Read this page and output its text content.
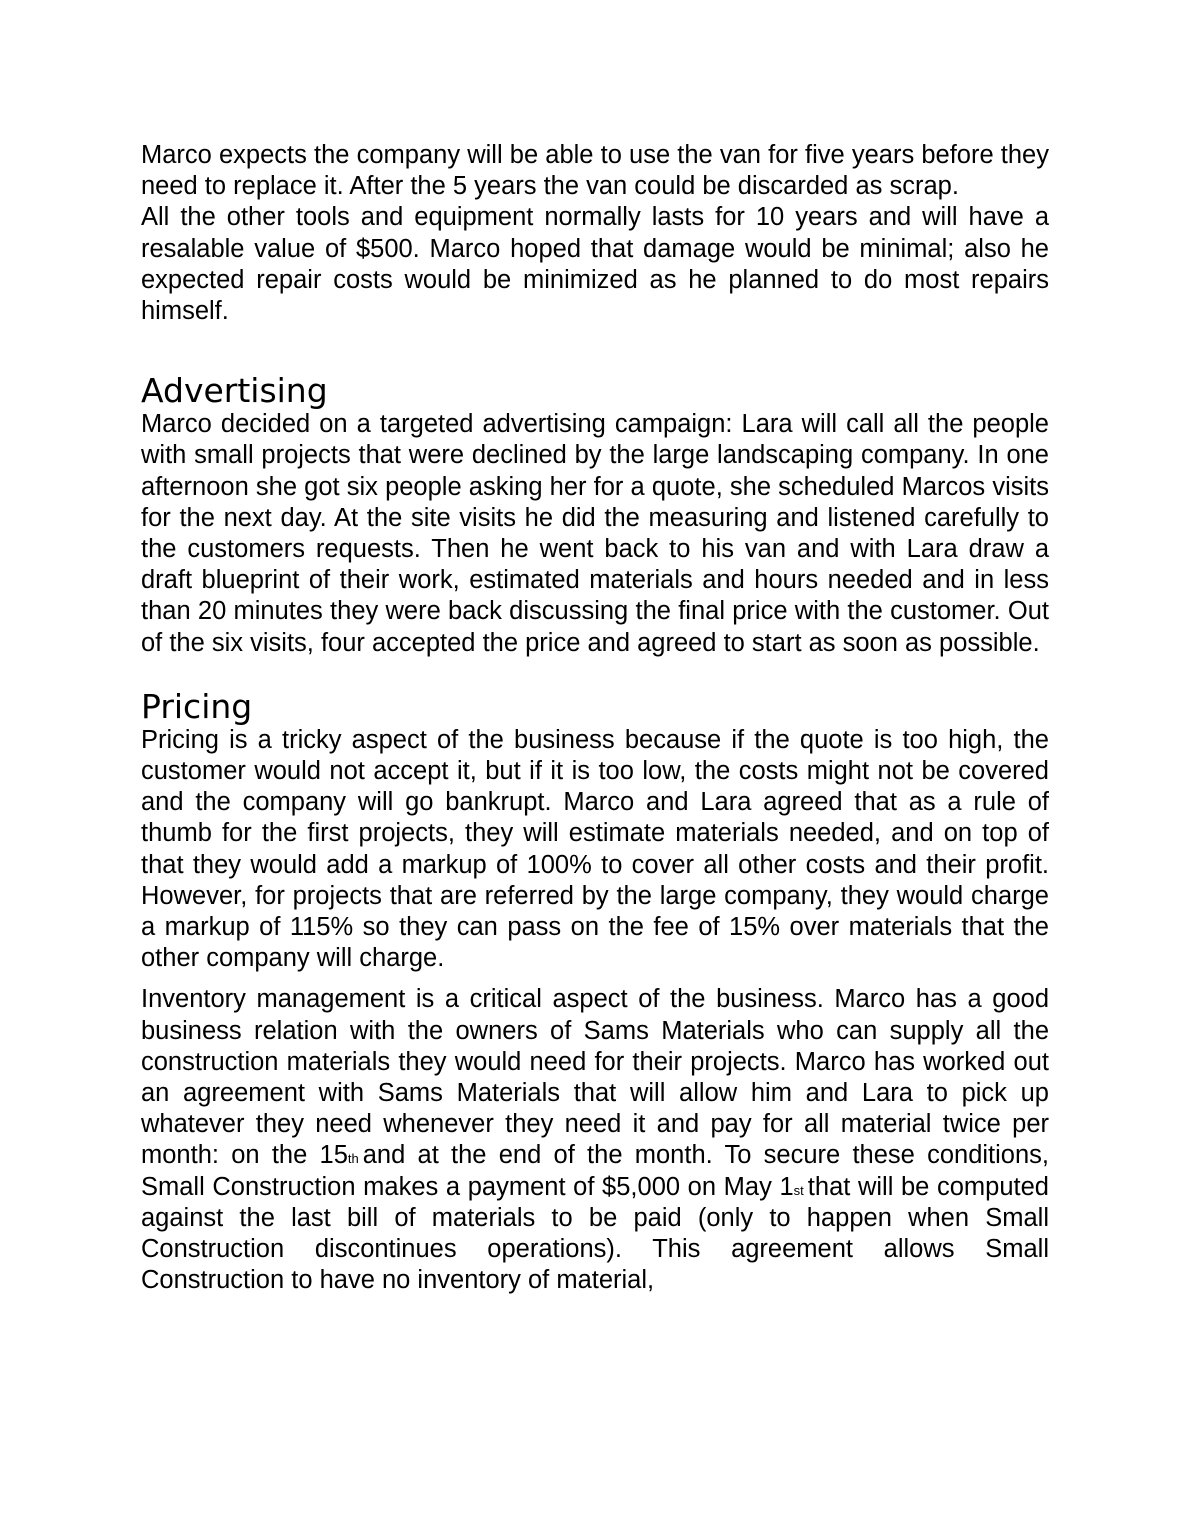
Marco expects the company will be able to use the van for five years before they need to replace it. After the 5 years the van could be discarded as scrap.

All the other tools and equipment normally lasts for 10 years and will have a resalable value of $500. Marco hoped that damage would be minimal; also he expected repair costs would be minimized as he planned to do most repairs himself.

Advertising

Marco decided on a targeted advertising campaign: Lara will call all the people with small projects that were declined by the large landscaping company. In one afternoon she got six people asking her for a quote, she scheduled Marcos visits for the next day. At the site visits he did the measuring and listened carefully to the customers requests. Then he went back to his van and with Lara draw a draft blueprint of their work, estimated materials and hours needed and in less than 20 minutes they were back discussing the final price with the customer. Out of the six visits, four accepted the price and agreed to start as soon as possible.

Pricing

Pricing is a tricky aspect of the business because if the quote is too high, the customer would not accept it, but if it is too low, the costs might not be covered and the company will go bankrupt. Marco and Lara agreed that as a rule of thumb for the first projects, they will estimate materials needed, and on top of that they would add a markup of 100% to cover all other costs and their profit. However, for projects that are referred by the large company, they would charge a markup of 115% so they can pass on the fee of 15% over materials that the other company will charge.

Inventory management is a critical aspect of the business. Marco has a good business relation with the owners of Sams Materials who can supply all the construction materials they would need for their projects. Marco has worked out an agreement with Sams Materials that will allow him and Lara to pick up whatever they need whenever they need it and pay for all material twice per month: on the 15th and at the end of the month. To secure these conditions, Small Construction makes a payment of $5,000 on May 1st that will be computed against the last bill of materials to be paid (only to happen when Small Construction discontinues operations). This agreement allows Small Construction to have no inventory of material,
